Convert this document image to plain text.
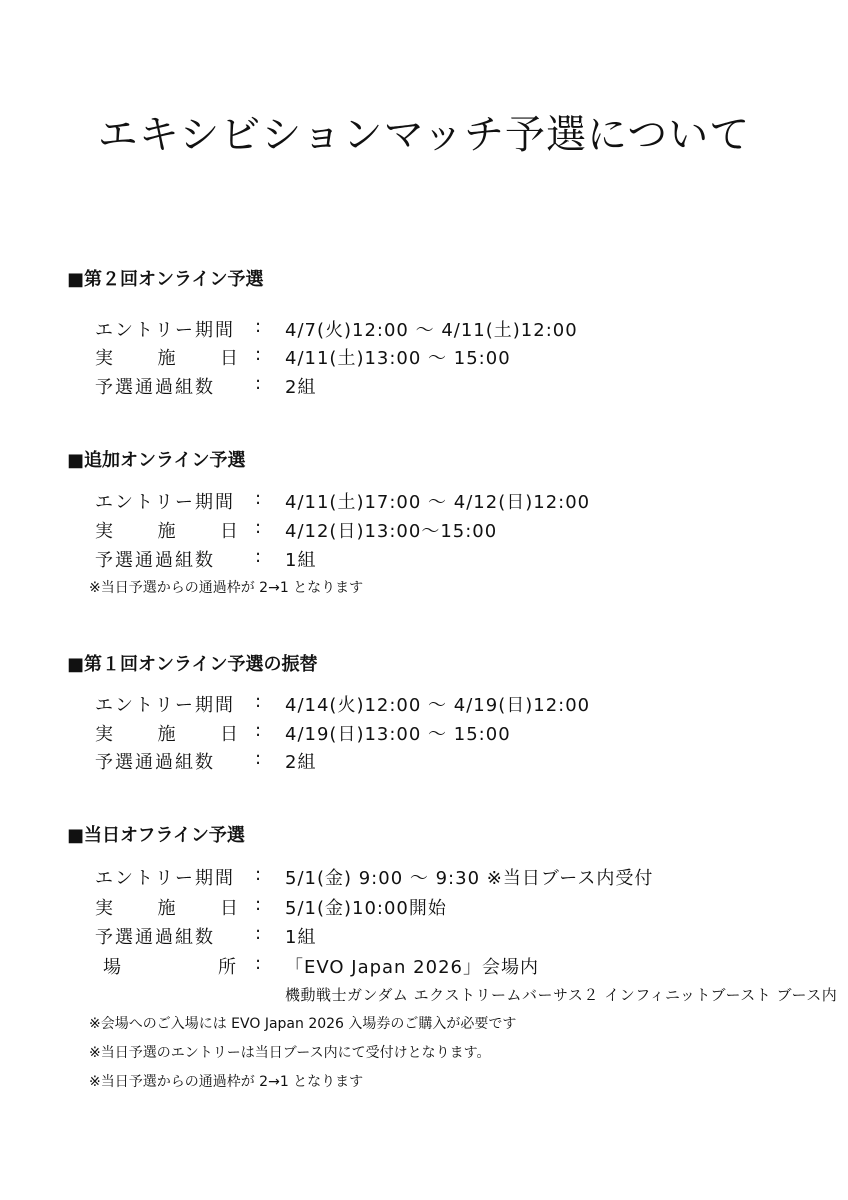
エキシビションマッチ予選について
■第２回オンライン予選
エントリー期間 : 4/7(火)12:00 〜 4/11(土)12:00
実 施 日 : 4/11(土)13:00 〜 15:00
予選通過組数 : 2組
■追加オンライン予選
エントリー期間 : 4/11(土)17:00 〜 4/12(日)12:00
実 施 日 : 4/12(日)13:00〜15:00
予選通過組数 : 1組
※当日予選からの通過枠が 2→1 となります
■第１回オンライン予選の振替
エントリー期間 : 4/14(火)12:00 〜 4/19(日)12:00
実 施 日 : 4/19(日)13:00 〜 15:00
予選通過組数 : 2組
■当日オフライン予選
エントリー期間 : 5/1(金) 9:00 〜 9:30 ※当日ブース内受付
実 施 日 : 5/1(金)10:00開始
予選通過組数 : 1組
場	所 : 「EVO Japan 2026」会場内
機動戦士ガンダム エクストリームバーサス２ インフィニットブースト ブース内
※会場へのご入場には EVO Japan 2026 入場券のご購入が必要です
※当日予選のエントリーは当日ブース内にて受付けとなります。
※当日予選からの通過枠が 2→1 となります
